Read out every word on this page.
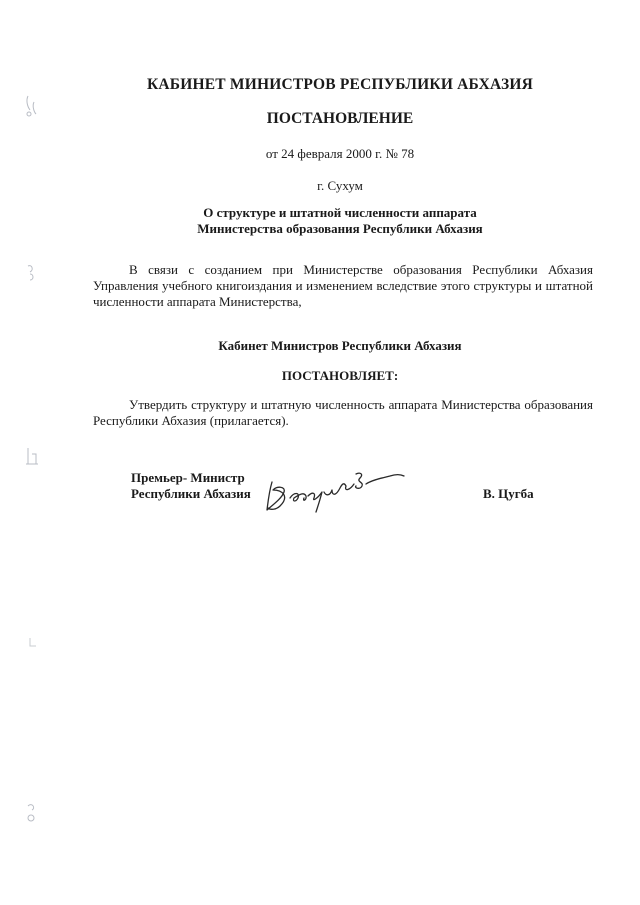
КАБИНЕТ МИНИСТРОВ РЕСПУБЛИКИ АБХАЗИЯ
ПОСТАНОВЛЕНИЕ
от 24 февраля 2000 г. № 78
г. Сухум
О структуре и штатной численности аппарата
Министерства образования Республики Абхазия
В связи с созданием при Министерстве образования Республики Абхазия Управления учебного книгоиздания и изменением вследствие этого структуры и штатной численности аппарата Министерства,
Кабинет Министров Республики Абхазия
ПОСТАНОВЛЯЕТ:
Утвердить структуру и штатную численность аппарата Министерства образования Республики Абхазия (прилагается).
Премьер- Министр
Республики Абхазия	В. Цугба
